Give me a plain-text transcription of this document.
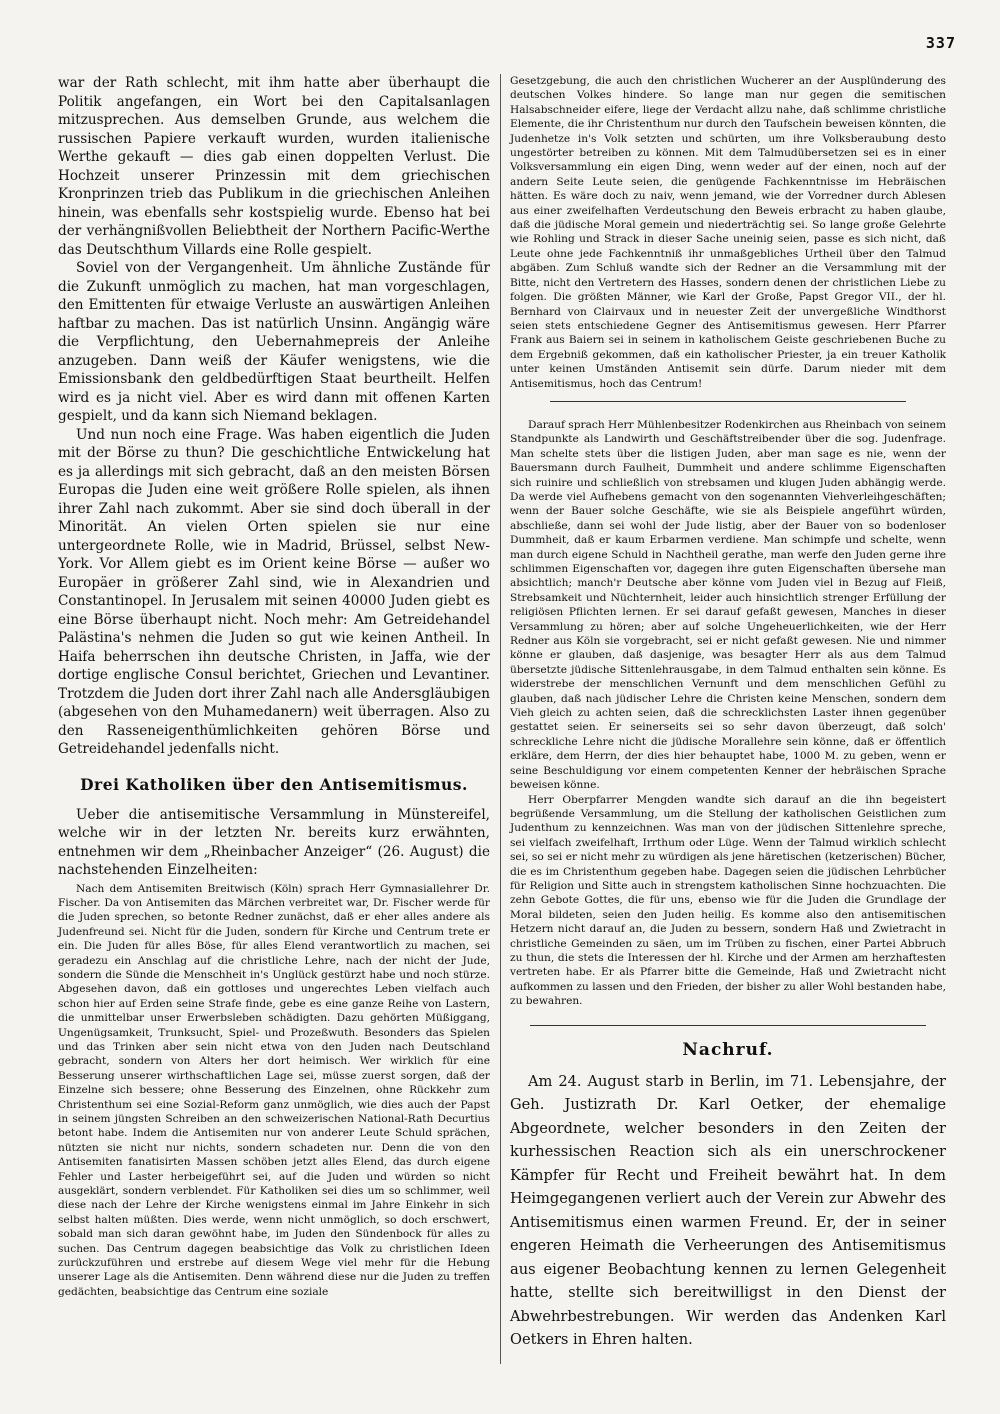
337

war der Rath schlecht, mit ihm hatte aber überhaupt die Politik angefangen, ein Wort bei den Capitalsanlagen mitzusprechen. Aus demselben Grunde, aus welchem die russischen Papiere verkauft wurden, wurden italienische Werthe gekauft — dies gab einen doppelten Verlust. Die Hochzeit unserer Prinzessin mit dem griechischen Kronprinzen trieb das Publikum in die griechischen Anleihen hinein, was ebenfalls sehr kostspielig wurde. Ebenso hat bei der verhängnißvollen Beliebtheit der Northern Pacific-Werthe das Deutschthum Villards eine Rolle gespielt.

Soviel von der Vergangenheit. Um ähnliche Zustände für die Zukunft unmöglich zu machen, hat man vorgeschlagen, den Emittenten für etwaige Verluste an auswärtigen Anleihen haftbar zu machen. Das ist natürlich Unsinn. Angängig wäre die Verpflichtung, den Uebernahmepreis der Anleihe anzugeben. Dann weiß der Käufer wenigstens, wie die Emissionsbank den geldbedürftigen Staat beurtheilt. Helfen wird es ja nicht viel. Aber es wird dann mit offenen Karten gespielt, und da kann sich Niemand beklagen.

Und nun noch eine Frage. Was haben eigentlich die Juden mit der Börse zu thun? Die geschichtliche Entwickelung hat es ja allerdings mit sich gebracht, daß an den meisten Börsen Europas die Juden eine weit größere Rolle spielen, als ihnen ihrer Zahl nach zukommt. Aber sie sind doch überall in der Minorität. An vielen Orten spielen sie nur eine untergeordnete Rolle, wie in Madrid, Brüssel, selbst New-York. Vor Allem giebt es im Orient keine Börse — außer wo Europäer in größerer Zahl sind, wie in Alexandrien und Constantinopel. In Jerusalem mit seinen 40000 Juden giebt es eine Börse überhaupt nicht. Noch mehr: Am Getreidehandel Palästina's nehmen die Juden so gut wie keinen Antheil. In Haifa beherrschen ihn deutsche Christen, in Jaffa, wie der dortige englische Consul berichtet, Griechen und Levantiner. Trotzdem die Juden dort ihrer Zahl nach alle Andersgläubigen (abgesehen von den Muhamedanern) weit überragen. Also zu den Rasseneigenthümlichkeiten gehören Börse und Getreidehandel jedenfalls nicht.

Drei Katholiken über den Antisemitismus.

Ueber die antisemitische Versammlung in Münstereifel, welche wir in der letzten Nr. bereits kurz erwähnten, entnehmen wir dem „Rheinbacher Anzeiger“ (26. August) die nachstehenden Einzelheiten:

Nach dem Antisemiten Breitwisch (Köln) sprach Herr Gymnasiallehrer Dr. Fischer. Da von Antisemiten das Märchen verbreitet war, Dr. Fischer werde für die Juden sprechen, so betonte Redner zunächst, daß er eher alles andere als Judenfreund sei. Nicht für die Juden, sondern für Kirche und Centrum trete er ein. Die Juden für alles Böse, für alles Elend verantwortlich zu machen, sei geradezu ein Anschlag auf die christliche Lehre, nach der nicht der Jude, sondern die Sünde die Menschheit in's Unglück gestürzt habe und noch stürze. Abgesehen davon, daß ein gottloses und ungerechtes Leben vielfach auch schon hier auf Erden seine Strafe finde, gebe es eine ganze Reihe von Lastern, die unmittelbar unser Erwerbsleben schädigten. Dazu gehörten Müßiggang, Ungenügsamkeit, Trunksucht, Spiel- und Prozeßwuth. Besonders das Spielen und das Trinken aber sein nicht etwa von den Juden nach Deutschland gebracht, sondern von Alters her dort heimisch. Wer wirklich für eine Besserung unserer wirthschaftlichen Lage sei, müsse zuerst sorgen, daß der Einzelne sich bessere; ohne Besserung des Einzelnen, ohne Rückkehr zum Christenthum sei eine Sozial-Reform ganz unmöglich, wie dies auch der Papst in seinem jüngsten Schreiben an den schweizerischen National-Rath Decurtius betont habe. Indem die Antisemiten nur von anderer Leute Schuld sprächen, nützten sie nicht nur nichts, sondern schadeten nur. Denn die von den Antisemiten fanatisirten Massen schöben jetzt alles Elend, das durch eigene Fehler und Laster herbeigeführt sei, auf die Juden und würden so nicht ausgeklärt, sondern verblendet. Für Katholiken sei dies um so schlimmer, weil diese nach der Lehre der Kirche wenigstens einmal im Jahre Einkehr in sich selbst halten müßten. Dies werde, wenn nicht unmöglich, so doch erschwert, sobald man sich daran gewöhnt habe, im Juden den Sündenbock für alles zu suchen. Das Centrum dagegen beabsichtige das Volk zu christlichen Ideen zurückzuführen und erstrebe auf diesem Wege viel mehr für die Hebung unserer Lage als die Antisemiten. Denn während diese nur die Juden zu treffen gedächten, beabsichtige das Centrum eine soziale

Gesetzgebung, die auch den christlichen Wucherer an der Ausplünderung des deutschen Volkes hindere. So lange man nur gegen die semitischen Halsabschneider eifere, liege der Verdacht allzu nahe, daß schlimme christliche Elemente, die ihr Christenthum nur durch den Taufschein beweisen könnten, die Judenhetze in's Volk setzten und schürten, um ihre Volksberaubung desto ungestörter betreiben zu können. Mit dem Talmudübersetzen sei es in einer Volksversammlung ein eigen Ding, wenn weder auf der einen, noch auf der andern Seite Leute seien, die genügende Fachkenntnisse im Hebräischen hätten. Es wäre doch zu naiv, wenn jemand, wie der Vorredner durch Ablesen aus einer zweifelhaften Verdeutschung den Beweis erbracht zu haben glaube, daß die jüdische Moral gemein und niederträchtig sei. So lange große Gelehrte wie Rohling und Strack in dieser Sache uneinig seien, passe es sich nicht, daß Leute ohne jede Fachkenntniß ihr unmaßgebliches Urtheil über den Talmud abgäben. Zum Schluß wandte sich der Redner an die Versammlung mit der Bitte, nicht den Vertretern des Hasses, sondern denen der christlichen Liebe zu folgen. Die größten Männer, wie Karl der Große, Papst Gregor VII., der hl. Bernhard von Clairvaux und in neuester Zeit der unvergeßliche Windthorst seien stets entschiedene Gegner des Antisemitismus gewesen. Herr Pfarrer Frank aus Baiern sei in seinem in katholischem Geiste geschriebenen Buche zu dem Ergebniß gekommen, daß ein katholischer Priester, ja ein treuer Katholik unter keinen Umständen Antisemit sein dürfe. Darum nieder mit dem Antisemitismus, hoch das Centrum!

Darauf sprach Herr Mühlenbesitzer Rodenkirchen aus Rheinbach von seinem Standpunkte als Landwirth und Geschäftstreibender über die sog. Judenfrage. Man schelte stets über die listigen Juden, aber man sage es nie, wenn der Bauersmann durch Faulheit, Dummheit und andere schlimme Eigenschaften sich ruinire und schließlich von strebsamen und klugen Juden abhängig werde. Da werde viel Aufhebens gemacht von den sogenannten Viehverleihgeschäften; wenn der Bauer solche Geschäfte, wie sie als Beispiele angeführt würden, abschließe, dann sei wohl der Jude listig, aber der Bauer von so bodenloser Dummheit, daß er kaum Erbarmen verdiene. Man schimpfe und schelte, wenn man durch eigene Schuld in Nachtheil gerathe, man werfe den Juden gerne ihre schlimmen Eigenschaften vor, dagegen ihre guten Eigenschaften übersehe man absichtlich; manch'r Deutsche aber könne vom Juden viel in Bezug auf Fleiß, Strebsamkeit und Nüchternheit, leider auch hinsichtlich strenger Erfüllung der religiösen Pflichten lernen. Er sei darauf gefaßt gewesen, Manches in dieser Versammlung zu hören; aber auf solche Ungeheuerlichkeiten, wie der Herr Redner aus Köln sie vorgebracht, sei er nicht gefaßt gewesen. Nie und nimmer könne er glauben, daß dasjenige, was besagter Herr als aus dem Talmud übersetzte jüdische Sittenlehrausgabe, in dem Talmud enthalten sein könne. Es widerstrebe der menschlichen Vernunft und dem menschlichen Gefühl zu glauben, daß nach jüdischer Lehre die Christen keine Menschen, sondern dem Vieh gleich zu achten seien, daß die schrecklichsten Laster ihnen gegenüber gestattet seien. Er seinerseits sei so sehr davon überzeugt, daß solch' schreckliche Lehre nicht die jüdische Morallehre sein könne, daß er öffentlich erkläre, dem Herrn, der dies hier behauptet habe, 1000 M. zu geben, wenn er seine Beschuldigung vor einem competenten Kenner der hebräischen Sprache beweisen könne.

Herr Oberpfarrer Mengden wandte sich darauf an die ihn begeistert begrüßende Versammlung, um die Stellung der katholischen Geistlichen zum Judenthum zu kennzeichnen. Was man von der jüdischen Sittenlehre spreche, sei vielfach zweifelhaft, Irrthum oder Lüge. Wenn der Talmud wirklich schlecht sei, so sei er nicht mehr zu würdigen als jene häretischen (ketzerischen) Bücher, die es im Christenthum gegeben habe. Dagegen seien die jüdischen Lehrbücher für Religion und Sitte auch in strengstem katholischen Sinne hochzuachten. Die zehn Gebote Gottes, die für uns, ebenso wie für die Juden die Grundlage der Moral bildeten, seien den Juden heilig. Es komme also den antisemitischen Hetzern nicht darauf an, die Juden zu bessern, sondern Haß und Zwietracht in christliche Gemeinden zu säen, um im Trüben zu fischen, einer Partei Abbruch zu thun, die stets die Interessen der hl. Kirche und der Armen am herzhaftesten vertreten habe. Er als Pfarrer bitte die Gemeinde, Haß und Zwietracht nicht aufkommen zu lassen und den Frieden, der bisher zu aller Wohl bestanden habe, zu bewahren.

Nachruf.

Am 24. August starb in Berlin, im 71. Lebensjahre, der Geh. Justizrath Dr. Karl Oetker, der ehemalige Abgeordnete, welcher besonders in den Zeiten der kurhessischen Reaction sich als ein unerschrockener Kämpfer für Recht und Freiheit bewährt hat. In dem Heimgegangenen verliert auch der Verein zur Abwehr des Antisemitismus einen warmen Freund. Er, der in seiner engeren Heimath die Verheerungen des Antisemitismus aus eigener Beobachtung kennen zu lernen Gelegenheit hatte, stellte sich bereitwilligst in den Dienst der Abwehrbestrebungen. Wir werden das Andenken Karl Oetkers in Ehren halten.
